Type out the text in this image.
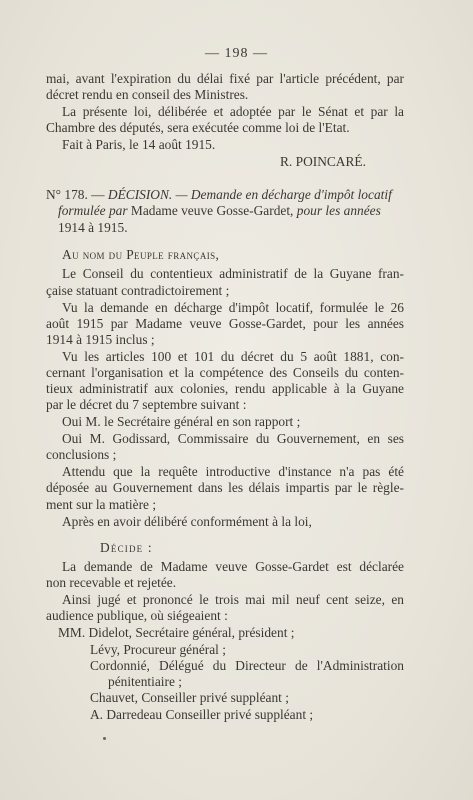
— 198 —
mai, avant l'expiration du délai fixé par l'article précédent, par
décret rendu en conseil des Ministres.
La présente loi, délibérée et adoptée par le Sénat et par la
Chambre des députés, sera exécutée comme loi de l'Etat.
Fait à Paris, le 14 août 1915.
R. POINCARÉ.
N° 178. — DÉCISION. — Demande en décharge d'impôt locatif
formulée par Madame veuve Gosse-Gardet, pour les années
1914 à 1915.
Au nom du Peuple français,
Le Conseil du contentieux administratif de la Guyane fran-
çaise statuant contradictoirement ;
Vu la demande en décharge d'impôt locatif, formulée le 26
août 1915 par Madame veuve Gosse-Gardet, pour les années
1914 à 1915 inclus ;
Vu les articles 100 et 101 du décret du 5 août 1881, con-
cernant l'organisation et la compétence des Conseils du conten-
tieux administratif aux colonies, rendu applicable à la Guyane
par le décret du 7 septembre suivant :
Oui M. le Secrétaire général en son rapport ;
Oui M. Godissard, Commissaire du Gouvernement, en ses
conclusions ;
Attendu que la requête introductive d'instance n'a pas été
déposée au Gouvernement dans les délais impartis par le règle-
ment sur la matière ;
Après en avoir délibéré conformément à la loi,
Décide :
La demande de Madame veuve Gosse-Gardet est déclarée
non recevable et rejetée.
Ainsi jugé et prononcé le trois mai mil neuf cent seize, en
audience publique, où siégeaient :
MM. Didelot, Secrétaire général, président ;
Lévy, Procureur général ;
Cordonnié, Délégué du Directeur de l'Administration
pénitentiaire ;
Chauvet, Conseiller privé suppléant ;
A. Darredeau Conseiller privé suppléant ;
